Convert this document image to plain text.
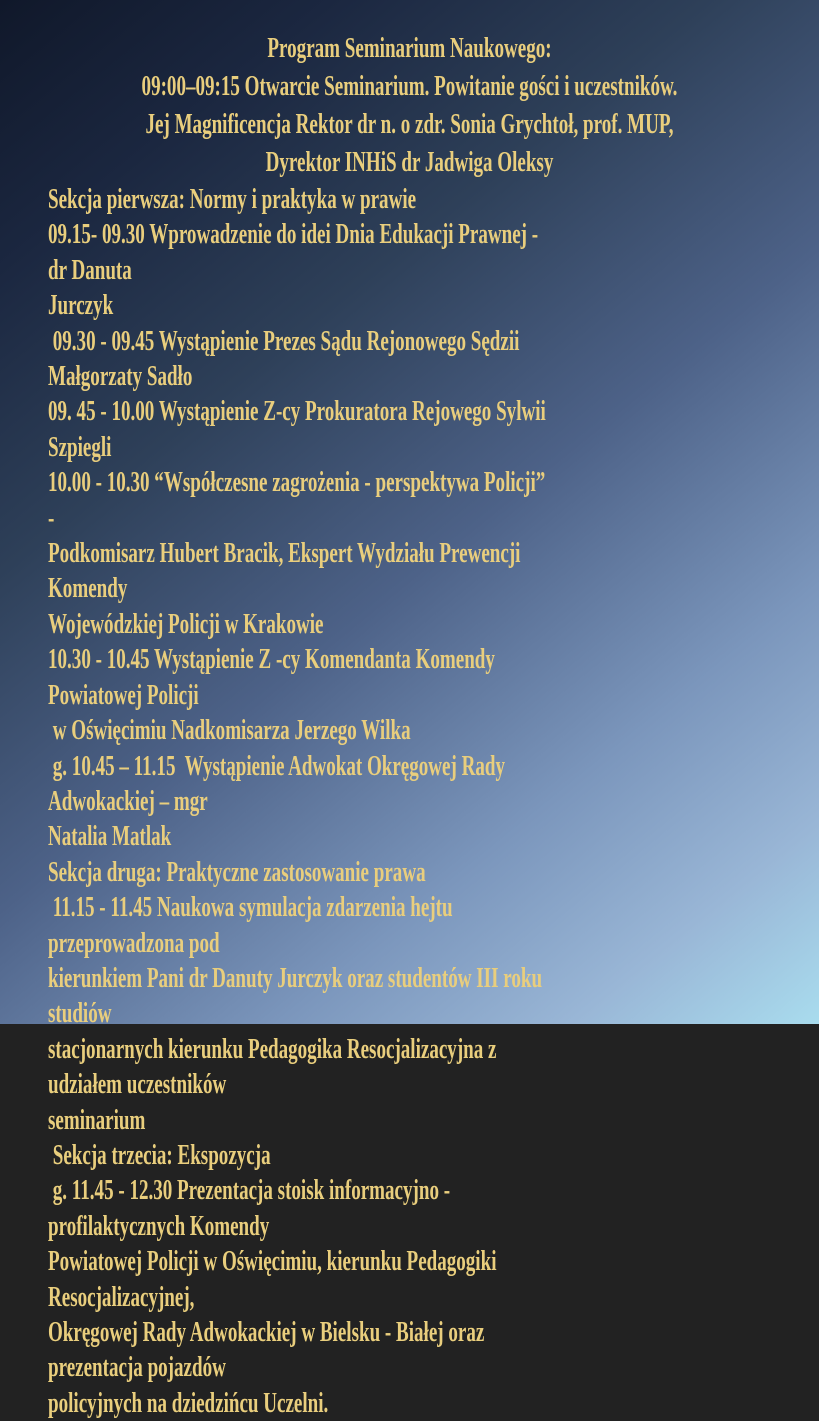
Program Seminarium Naukowego:
09:00–09:15 Otwarcie Seminarium. Powitanie gości i uczestników.
Jej Magnificencja Rektor dr n. o zdr. Sonia Grychtoł, prof. MUP,
Dyrektor INHiS dr Jadwiga Oleksy
Sekcja pierwsza: Normy i praktyka w prawie
09.15- 09.30 Wprowadzenie do idei Dnia Edukacji Prawnej - dr Danuta
Jurczyk
09.30 - 09.45 Wystąpienie Prezes Sądu Rejonowego Sędzii Małgorzaty Sadło
09. 45 - 10.00 Wystąpienie Z-cy Prokuratora Rejowego Sylwii Szpiegli
10.00 - 10.30 “Współczesne zagrożenia - perspektywa Policji” -
Podkomisarz Hubert Bracik, Ekspert Wydziału Prewencji Komendy
Wojewódzkiej Policji w Krakowie
10.30 - 10.45 Wystąpienie Z -cy Komendanta Komendy Powiatowej Policji
w Oświęcimiu Nadkomisarza Jerzego Wilka
g. 10.45 – 11.15  Wystąpienie Adwokat Okręgowej Rady Adwokackiej – mgr
Natalia Matlak
Sekcja druga: Praktyczne zastosowanie prawa
11.15 - 11.45 Naukowa symulacja zdarzenia hejtu przeprowadzona pod
kierunkiem Pani dr Danuty Jurczyk oraz studentów III roku studiów
stacjonarnych kierunku Pedagogika Resocjalizacyjna z udziałem uczestników
seminarium
Sekcja trzecia: Ekspozycja
g. 11.45 - 12.30 Prezentacja stoisk informacyjno - profilaktycznych Komendy
Powiatowej Policji w Oświęcimiu, kierunku Pedagogiki Resocjalizacyjnej,
Okręgowej Rady Adwokackiej w Bielsku - Białej oraz prezentacja pojazdów
policyjnych na dziedzińcu Uczelni.
